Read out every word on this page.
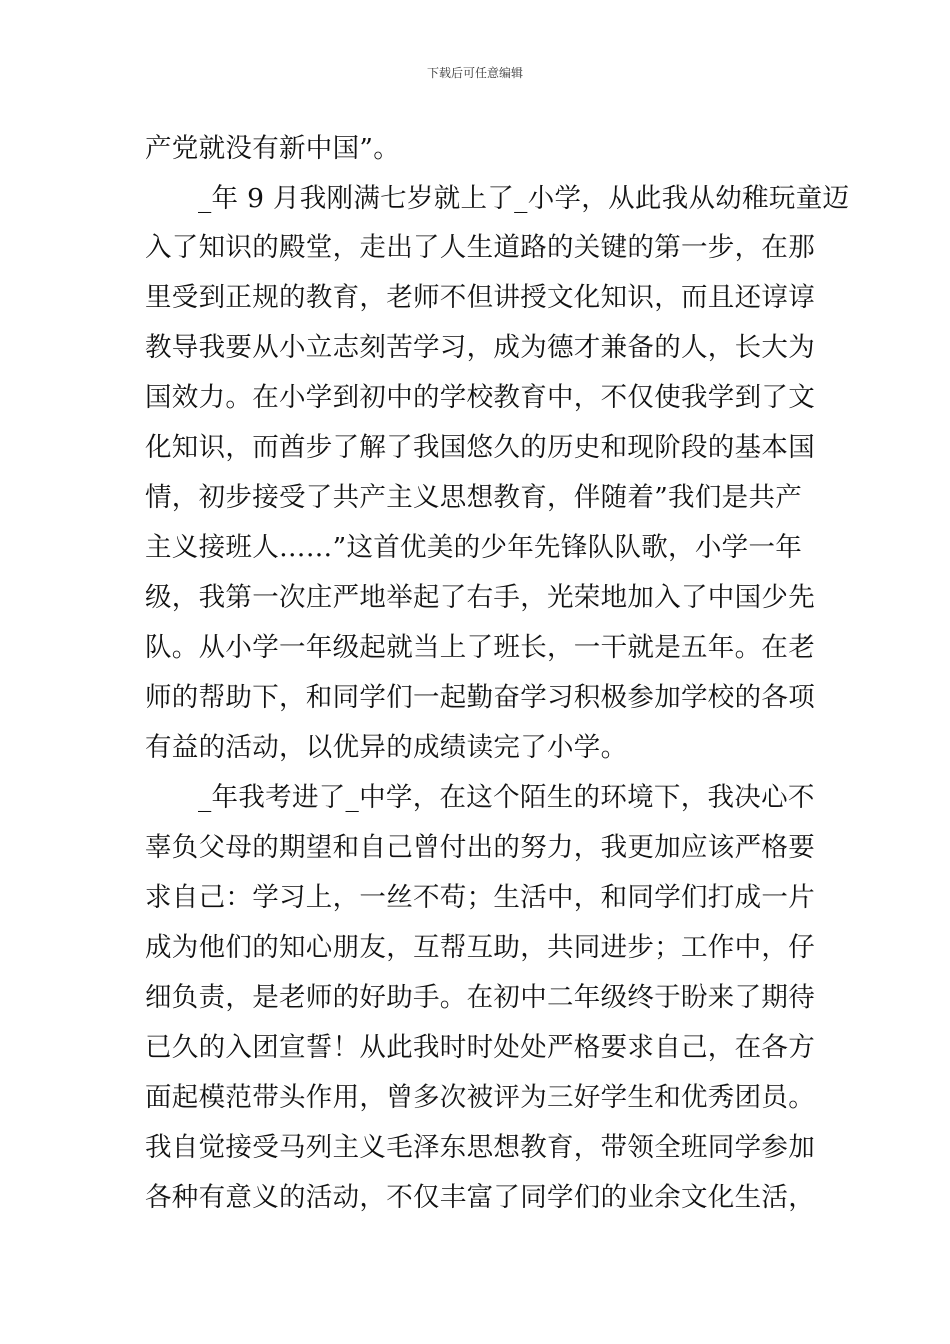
下载后可任意编辑
产党就没有新中国”。
_年 9 月我刚满七岁就上了_小学，从此我从幼稚玩童迈
入了知识的殿堂，走出了人生道路的关键的第一步，在那
里受到正规的教育，老师不但讲授文化知识，而且还谆谆
教导我要从小立志刻苦学习，成为德才兼备的人，长大为
国效力。在小学到初中的学校教育中，不仅使我学到了文
化知识，而酋步了解了我国悠久的历史和现阶段的基本国
情，初步接受了共产主义思想教育，伴随着”我们是共产
主义接班人……”这首优美的少年先锋队队歌，小学一年
级，我第一次庄严地举起了右手，光荣地加入了中国少先
队。从小学一年级起就当上了班长，一干就是五年。在老
师的帮助下，和同学们一起勤奋学习积极参加学校的各项
有益的活动，以优异的成绩读完了小学。
_年我考进了_中学，在这个陌生的环境下，我决心不
辜负父母的期望和自己曾付出的努力，我更加应该严格要
求自己：学习上，一丝不苟；生活中，和同学们打成一片
成为他们的知心朋友，互帮互助，共同进步；工作中，仔
细负责，是老师的好助手。在初中二年级终于盼来了期待
已久的入团宣誓！从此我时时处处严格要求自己，在各方
面起模范带头作用，曾多次被评为三好学生和优秀团员。
我自觉接受马列主义毛泽东思想教育，带领全班同学参加
各种有意义的活动，不仅丰富了同学们的业余文化生活，
